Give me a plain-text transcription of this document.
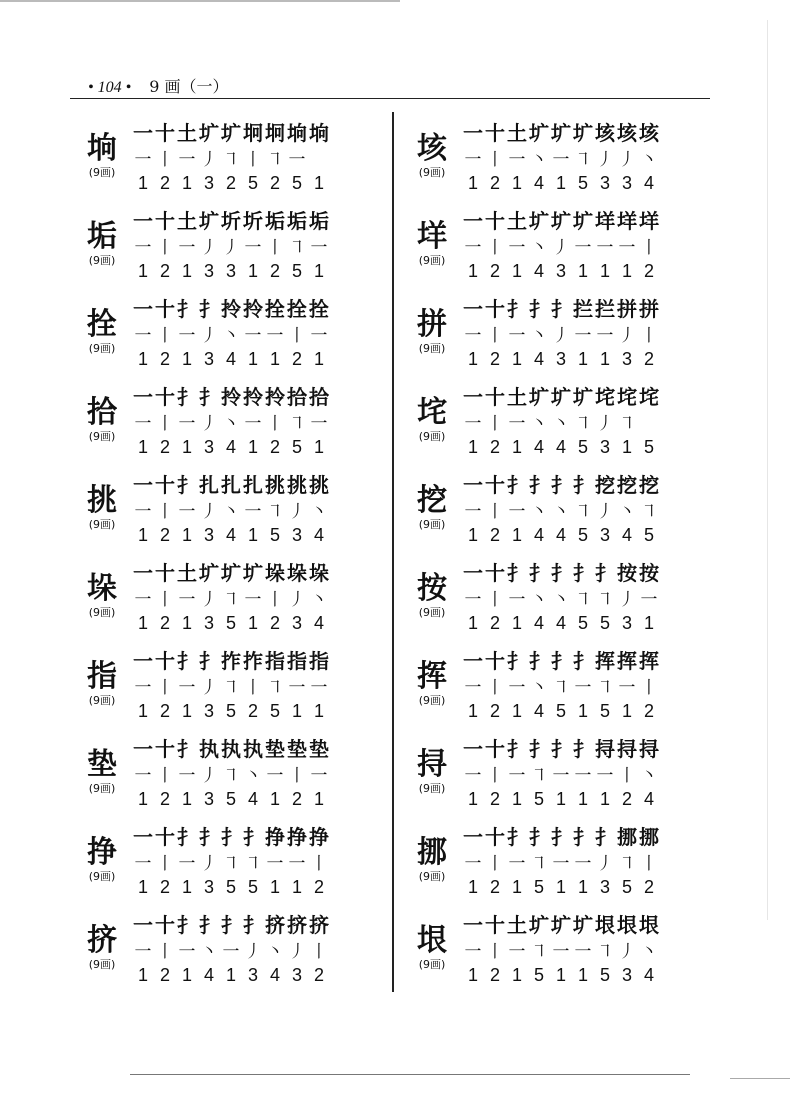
• 104 • 9 画（一）
垧
(9画)
一 十 土 圹 圹 坰 坰 垧 垧
一 丨 一 丿 ㇕ 丨 ㇕ 一
1 2 1 3 2 5 2 5 1
垢
(9画)
一 十 土 圹 圻 圻 垢 垢 垢
一 丨 一 丿 丿 一 丨 ㇕ 一
1 2 1 3 3 1 2 5 1
拴
(9画)
一 十 扌 扌 拎 拎 拴 拴 拴
一 丨 一 丿 丶 一 一 丨 一
1 2 1 3 4 1 1 2 1
拾
(9画)
一 十 扌 扌 拎 拎 拎 拾 拾
一 丨 一 丿 丶 一 丨 ㇕ 一
1 2 1 3 4 1 2 5 1
挑
(9画)
一 十 扌 扎 扎 扎 挑 挑 挑
一 丨 一 丿 丶 一 ㇕ 丿 丶
1 2 1 3 4 1 5 3 4
垛
(9画)
一 十 土 圹 圹 圹 垛 垛 垛
一 丨 一 丿 ㇕ 一 丨 丿 丶
1 2 1 3 5 1 2 3 4
指
(9画)
一 十 扌 扌 拃 拃 指 指 指
一 丨 一 丿 ㇕ 丨 ㇕ 一 一
1 2 1 3 5 2 5 1 1
垫
(9画)
一 十 扌 执 执 执 垫 垫 垫
一 丨 一 丿 ㇕ 丶 一 丨 一
1 2 1 3 5 4 1 2 1
挣
(9画)
一 十 扌 扌 扌 扌 挣 挣 挣
一 丨 一 丿 ㇕ ㇕ 一 一 丨
1 2 1 3 5 5 1 1 2
挤
(9画)
一 十 扌 扌 扌 扌 挤 挤 挤
一 丨 一 丶 一 丿 丶 丿 丨
1 2 1 4 1 3 4 3 2
垓
(9画)
一 十 土 圹 圹 圹 垓 垓 垓
一 丨 一 丶 一 ㇕ 丿 丿 丶
1 2 1 4 1 5 3 3 4
垟
(9画)
一 十 土 圹 圹 圹 垟 垟 垟
一 丨 一 丶 丿 一 一 一 丨
1 2 1 4 3 1 1 1 2
拼
(9画)
一 十 扌 扌 扌 拦 拦 拼 拼
一 丨 一 丶 丿 一 一 丿 丨
1 2 1 4 3 1 1 3 2
垞
(9画)
一 十 土 圹 圹 圹 垞 垞 垞
一 丨 一 丶 丶 ㇕ 丿 ㇕
1 2 1 4 4 5 3 1 5
挖
(9画)
一 十 扌 扌 扌 扌 挖 挖 挖
一 丨 一 丶 丶 ㇕ 丿 丶 ㇕
1 2 1 4 4 5 3 4 5
按
(9画)
一 十 扌 扌 扌 扌 扌 按 按
一 丨 一 丶 丶 ㇕ ㇕ 丿 一
1 2 1 4 4 5 5 3 1
挥
(9画)
一 十 扌 扌 扌 扌 挥 挥 挥
一 丨 一 丶 ㇕ 一 ㇕ 一 丨
1 2 1 4 5 1 5 1 2
挦
(9画)
一 十 扌 扌 扌 扌 挦 挦 挦
一 丨 一 ㇕ 一 一 一 丨 丶
1 2 1 5 1 1 1 2 4
挪
(9画)
一 十 扌 扌 扌 扌 扌 挪 挪
一 丨 一 ㇕ 一 一 丿 ㇕ 丨
1 2 1 5 1 1 3 5 2
垠
(9画)
一 十 土 圹 圹 圹 垠 垠 垠
一 丨 一 ㇕ 一 一 ㇕ 丿 丶
1 2 1 5 1 1 5 3 4
